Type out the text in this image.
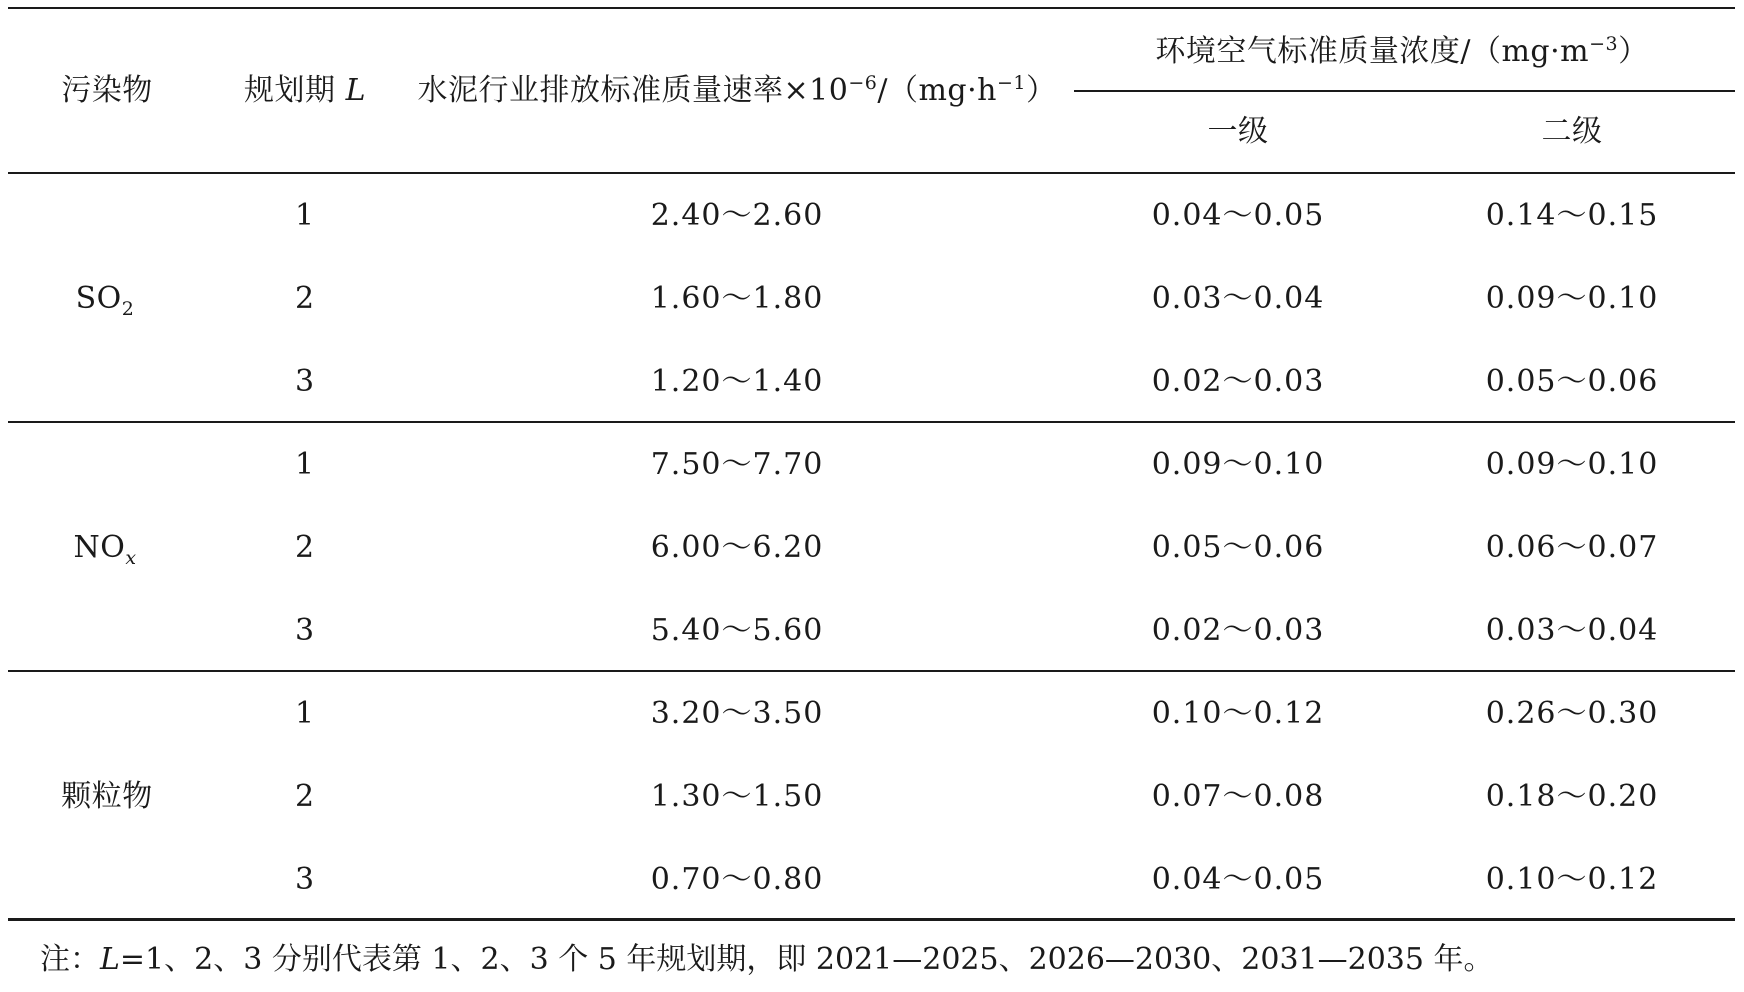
污染物	规划期 L 水泥行业排放标准质量速率$\times 10^{-6}/(mg\cdot h^{-1})$
环境空气标准质量浓度$/(mg\cdot m^{-3})$
一级	二级
$SO_2$
1	2.40～2.60	0.04～0.05	0.14～0.15
2	1.60～1.80	0.03～0.04	0.09～0.10
3	1.20～1.40	0.02～0.03	0.05～0.06
$NO_x$
1	7.50～7.70	0.09～0.10	0.09～0.10
2	6.00～6.20	0.05～0.06	0.06～0.07
3	5.40～5.60	0.02～0.03	0.03～0.04
颗粒物
1	3.20～3.50	0.10～0.12	0.26～0.30
2	1.30～1.50	0.07～0.08	0.18～0.20
3	0.70～0.80	0.04～0.05	0.10～0.12
注：L=1、2、3 分别代表第 1、2、3 个 5 年规划期，即 2021—2025、2026—2030、2031—2035 年。
